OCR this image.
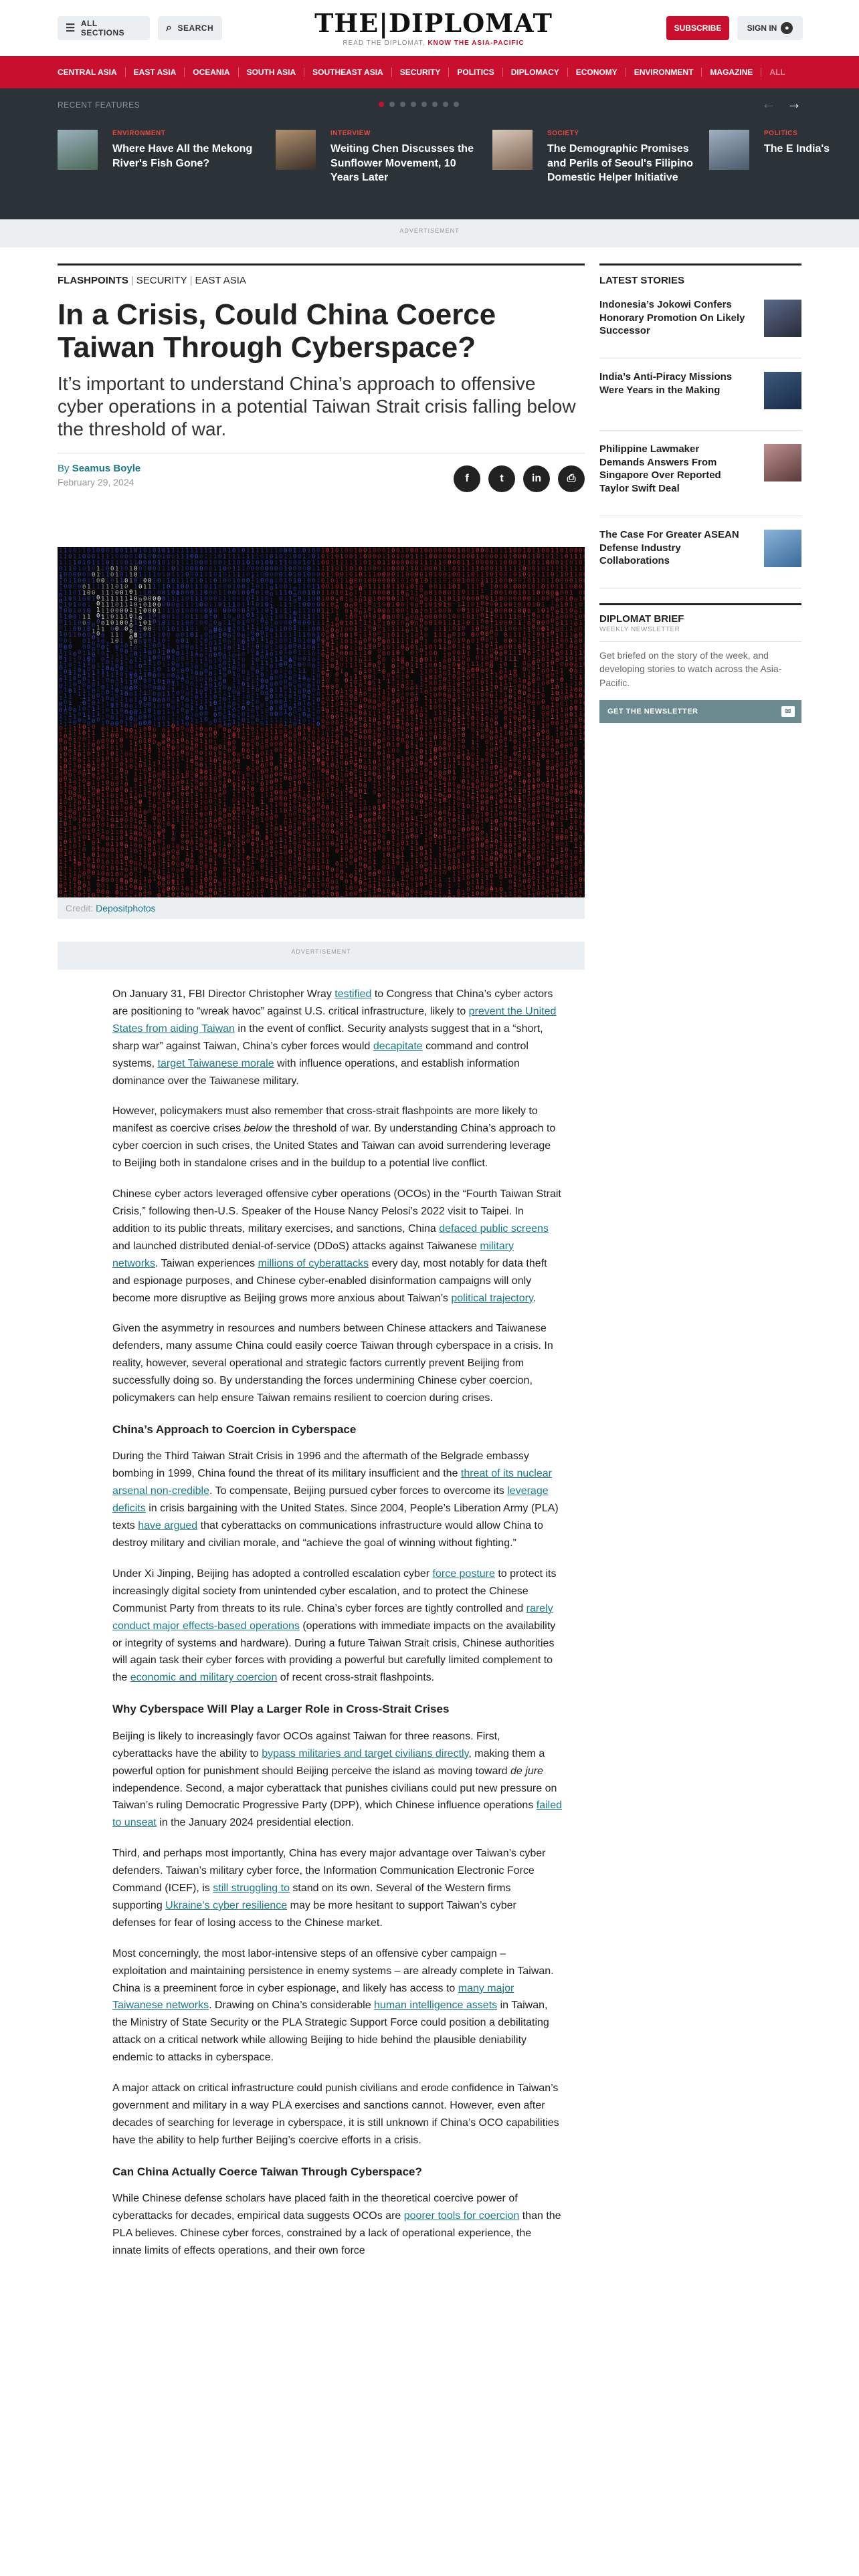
☰ ALL SECTIONS	⌕ SEARCH	THE|DIPLOMAT
READ THE DIPLOMAT, KNOW THE ASIA-PACIFIC
SUBSCRIBE	SIGN IN	●
CENTRAL ASIA	EAST ASIA	OCEANIA	SOUTH ASIA	SOUTHEAST ASIA	SECURITY	POLITICS	DIPLOMACY	ECONOMY	ENVIRONMENT	MAGAZINE	ALL
RECENT FEATURES	← →
ENVIRONMENT
Where Have All the Mekong River's Fish Gone?
INTERVIEW
Weiting Chen Discusses the Sunflower Movement, 10 Years Later
SOCIETY
The Demographic Promises and Perils of Seoul's Filipino Domestic Helper Initiative
POLITICS
The E India's
ADVERTISEMENT
FLASHPOINTS | SECURITY | EAST ASIA
In a Crisis, Could China Coerce Taiwan Through Cyberspace?
It’s important to understand China’s approach to offensive cyber operations in a potential Taiwan Strait crisis falling below the threshold of war.
By Seamus Boyle
February 29, 2024	f	t	in	⎙
1
1
1
0
1
1
1
1
0
0
0
1
1
0
0
1
0
0
1
0
1
0
1
0
0
0
1
0
0
1
1
0
1
0
1
0
1
1
1
0
0
1
0
1
1
0
0
1
1
1
0
1
0
0
1
0
1
1
0
0
1
1
1
1
0
0
0
1
1
1
0
1
1
1
0
0
0
0
1
1
1
0
1
1
1
1
0
1
0
1
1
1
0
0
0
0
0
0
0
0
1
1
1
0
1
1
1
0
1
1
0
1
1
1
1
1
1
0
1
0
0
0
1
1
0
1
0
1
0
0
0
0
1
1
1
1
0
1
1
0
1
1
1
1
0
1
1
0
1
1
1
1
0
1
0
1
1
1
0
1
0
0
0
1
0
0
1
1
1
1
1
0
1
1
1
1
1
1
0
1
1
0
0
1
0
0
0
1
1
0
1
0
1
0
1
1
1
0
0
1
0
1
0
1
1
1
1
1
0
1
0
1
0
0
0
1
1
0
0
0
0
1
0
1
1
1
1
1
0
1
1
1
1
0
1
0
0
0
1
1
0
0
1
0
0
0
0
0
1
0
0
0
1
1
1
0
0
1
1
0
1
1
0
0
0
0
1
1
1
0
0
0
1
1
1
0
1
1
1
1
0
0
1
0
0
0
0
1
0
1
0
0
0
0
0
1
0
0
1
1
0
1
0
0
0
1
1
1
1
1
0
0
1
1
0
0
1
0
0
0
0
1
1
1
1
1
0
0
1
1
0
1
0
1
0
0
0
0
1
0
1
1
1
0
1
0
1
0
0
0
1
0
1
1
0
0
1
0
1
0
0
0
1
0
1
0
1
0
1
1
0
1
1
1
1
1
1
0
1
1
1
1
0
1
0
1
1
0
1
1
1
1
1
0
0
1
1
0
0
0
0
1
0
1
1
0
1
0
0
1
1
0
1
0
1
0
0
0
0
0
0
1
1
0
0
0
0
1
1
0
0
1
1
0
1
1
1
0
0
1
1
0
0
1
0
0
1
0
0
1
0
0
0
1
0
0
0
0
1
1
1
1
0
1
0
0
1
0
0
1
0
1
0
1
1
1
1
1
1
0
1
1
1
0
0
0
1
0
1
1
0
1
0
0
0
1
0
0
1
1
0
1
1
1
1
0
0
1
1
0
0
1
0
1
1
1
1
0
1
1
1
1
1
1
1
0
1
0
0
0
0
0
1
1
1
1
0
0
1
1
1
1
1
0
1
0
0
1
1
0
0
0
1
1
1
1
1
0
0
0
1
0
0
0
1
0
0
0
0
0
0
1
0
0
1
1
1
1
1
1
1
1
1
1
1
1
0
0
1
0
1
0
0
1
0
0
0
1
1
0
1
1
0
1
1
1
0
0
1
1
1
1
1
1
0
0
0
0
0
0
1
0
0
1
0
1
1
1
0
0
0
1
1
1
1
0
0
0
0
1
1
1
1
0
1
0
1
1
0
0
1
1
0
0
1
0
0
0
0
1
1
1
1
0
0
0
0
0
1
0
0
1
1
1
0
1
1
0
1
0
0
0
1
1
1
1
0
0
1
0
0
1
1
0
1
0
0
1
1
0
0
1
1
0
0
0
1
1
1
1
0
1
0
1
1
1
0
1
1
0
0
0
1
1
0
1
1
1
1
1
1
1
1
0
1
0
1
1
0
0
0
0
1
0
1
1
0
1
1
0
1
0
1
1
1
1
0
1
1
0
0
1
1
1
1
1
0
0
0
1
1
0
0
1
1
0
0
1
1
0
1
0
1
1
0
1
0
0
0
0
0
1
1
0
0
0
0
0
1
0
0
0
1
0
0
1
1
1
0
1
0
0
0
0
1
1
1
1
1
0
0
1
0
0
1
1
0
1
0
1
1
0
1
0
0
1
0
0
1
0
0
1
1
1
0
1
0
1
0
0
0
1
1
1
0
1
1
1
1
0
1
1
1
0
1
0
0
0
1
1
0
0
0
0
1
1
0
0
0
0
0
0
1
0
0
1
1
0
0
0
1
1
1
0
0
0
1
1
0
1
1
1
0
1
0
0
0
0
0
1
1
0
0
0
1
1
0
0
1
1
1
1
0
0
0
0
0
1
1
1
0
0
0
1
1
1
0
0
0
0
1
0
1
0
1
1
1
1
0
1
1
0
1
0
0
1
0
0
0
0
0
1
0
0
1
0
0
1
1
0
0
0
1
1
0
1
0
1
1
0
1
1
1
0
1
1
1
0
1
0
1
1
1
0
1
1
0
0
1
1
0
1
1
1
0
1
1
1
1
0
0
1
1
0
0
0
0
0
0
1
1
0
1
1
1
0
0
0
1
0
1
1
0
1
1
0
0
0
1
0
0
0
0
1
1
0
1
1
1
0
0
1
0
0
1
0
0
0
1
1
1
1
1
1
0
1
0
1
1
0
1
1
0
0
1
1
1
1
0
1
1
1
1
0
0
0
1
0
1
0
0
1
0
1
1
0
1
0
1
0
1
1
1
0
0
0
1
1
0
0
0
0
0
1
0
1
0
1
1
0
1
0
1
0
1
1
0
0
0
0
0
0
1
0
0
1
0
1
0
0
0
0
0
1
1
1
1
0
0
0
0
0
1
1
1
0
0
0
1
1
0
1
0
0
0
1
1
1
1
0
0
0
1
1
0
1
0
0
1
0
1
0
1
1
1
0
1
0
1
1
0
1
1
0
1
1
0
0
1
0
0
0
0
1
1
1
1
1
1
0
1
0
0
0
0
0
0
0
0
0
0
0
0
1
0
1
1
1
1
0
0
0
0
1
0
0
0
0
0
0
1
0
1
1
1
1
1
0
0
1
0
0
1
0
1
1
1
1
0
0
0
1
0
0
0
0
0
1
1
0
1
1
1
0
1
0
1
1
0
1
0
0
0
0
0
1
0
0
0
1
0
1
0
1
0
1
1
0
1
1
0
0
1
1
1
0
0
0
1
1
0
1
1
0
1
0
1
1
0
1
0
1
1
0
1
1
0
0
1
1
0
0
1
1
0
0
1
1
1
1
1
0
0
1
0
1
1
1
1
1
0
1
0
1
1
0
0
0
1
1
1
0
0
0
1
1
0
0
0
1
0
1
0
1
0
1
1
1
0
0
1
0
0
0
0
1
1
1
0
0
1
1
0
1
1
0
0
0
1
1
1
1
0
1
1
0
0
1
1
0
1
1
0
1
0
0
0
0
1
0
1
0
0
1
1
1
1
1
1
1
1
0
1
0
0
0
1
1
0
0
1
0
0
0
1
0
1
0
1
1
1
1
1
0
1
1
0
1
1
0
1
0
0
1
1
1
0
1
1
0
0
0
0
0
1
1
0
1
1
1
1
1
1
1
0
0
1
1
1
1
1
1
0
0
0
1
0
1
0
1
0
1
0
0
1
0
1
1
0
1
0
0
0
1
1
0
1
0
1
1
0
1
1
1
0
0
0
0
0
1
0
1
0
1
1
1
0
0
1
0
0
0
1
0
0
0
1
1
1
0
1
1
0
0
1
0
1
0
0
0
0
0
0
0
1
0
0
0
1
1
0
0
1
0
0
1
0
1
0
1
1
0
0
1
1
0
0
0
0
1
0
1
0
0
0
1
0
1
1
0
1
0
0
0
0
1
1
1
1
0
0
1
1
1
1
1
1
1
0
1
1
0
1
0
1
1
1
1
1
1
1
1
1
0
0
0
1
0
1
1
0
0
0
1
1
1
0
1
0
0
0
0
1
1
1
1
1
0
1
1
1
1
1
1
1
0
1
0
0
1
1
1
0
1
1
0
1
1
1
1
0
0
0
0
0
0
0
0
0
1
1
0
1
1
0
1
1
1
1
1
1
1
1
0
1
0
0
0
1
0
1
1
1
0
0
1
0
1
1
1
0
1
1
0
0
1
0
1
1
0
0
1
1
0
0
1
1
0
0
0
1
0
0
0
0
1
1
1
0
1
0
0
1
0
0
0
0
0
1
1
1
0
0
1
1
0
0
1
1
0
0
0
0
0
0
0
0
0
0
1
1
1
0
0
1
1
0
1
1
1
0
0
0
1
1
1
1
1
1
0
0
0
1
1
0
0
0
1
1
0
0
0
1
1
1
0
0
1
0
1
1
1
1
1
0
1
1
1
0
0
1
0
1
1
0
0
0
0
1
0
0
0
0
0
0
1
1
1
0
0
0
0
0
0
1
1
1
1
1
1
1
0
1
0
1
0
0
1
0
0
1
0
1
0
0
0
0
0
1
1
0
1
0
0
1
0
0
1
0
0
0
0
0
0
1
0
0
1
1
1
1
1
1
0
0
1
0
0
1
0
0
1
0
1
0
1
1
0
1
0
1
1
1
1
0
0
1
0
1
0
0
1
1
0
1
0
1
0
1
0
0
1
1
1
0
1
1
0
0
0
1
1
1
0
0
0
1
0
0
1
1
1
0
0
1
0
0
0
0
1
0
0
0
1
0
1
1
0
0
0
1
1
1
1
0
0
1
0
0
1
1
0
0
0
0
1
1
1
0
1
1
1
0
0
1
1
0
0
0
0
0
0
1
0
1
1
0
1
0
1
1
1
1
1
0
0
0
1
0
0
1
1
0
0
0
0
1
1
0
0
1
0
0
0
1
1
1
1
1
0
1
0
0
0
1
1
0
0
1
0
1
0
0
0
1
1
1
0
0
1
1
0
1
1
0
0
1
0
0
0
1
0
0
1
0
1
0
0
0
0
1
0
1
1
1
1
1
1
1
1
0
1
1
1
1
1
1
0
0
1
0
0
1
1
1
1
1
0
1
0
1
1
1
0
1
0
0
0
1
0
0
0
0
0
0
0
0
0
1
0
1
1
0
1
0
0
1
1
1
0
1
1
0
1
1
1
0
0
1
1
1
0
1
1
0
0
1
0
0
0
0
0
0
0
0
1
1
1
1
0
0
1
0
0
1
1
1
1
1
0
1
0
0
1
0
1
1
1
1
1
0
1
1
1
0
1
1
1
1
1
0
0
1
1
0
0
0
1
1
1
1
0
0
0
1
1
0
1
1
1
0
0
1
0
0
0
0
1
0
1
1
1
0
0
0
1
1
0
0
0
1
1
0
0
1
0
1
0
1
1
1
0
0
1
1
1
1
1
0
0
1
1
1
1
0
0
0
0
1
0
0
1
1
0
0
1
1
1
1
1
1
0
1
1
0
0
1
1
1
1
1
1
0
0
0
0
0
1
1
1
1
1
0
1
1
1
0
0
0
1
0
1
0
1
0
1
1
1
0
1
1
1
0
1
1
0
1
0
1
0
0
1
0
1
1
0
1
1
1
1
1
1
0
0
0
0
1
0
1
1
1
1
0
1
0
0
0
0
1
0
1
1
0
0
1
0
1
1
1
0
0
1
1
0
1
1
0
0
1
1
0
0
1
0
1
1
1
1
0
1
0
1
0
0
1
0
1
1
0
1
0
0
1
0
1
1
0
0
1
0
0
0
1
1
0
0
1
0
0
0
1
0
1
0
1
1
1
1
0
1
0
0
0
1
1
1
1
1
1
0
1
0
1
1
1
0
1
0
0
0
0
0
0
1
1
0
0
1
1
0
0
1
0
0
1
0
0
1
1
1
0
1
1
1
1
0
0
1
0
1
0
1
1
1
0
0
0
0
1
0
0
0
0
0
0
0
1
1
0
1
0
1
1
1
0
1
0
0
1
0
1
1
1
0
0
0
1
1
0
0
0
1
1
1
1
1
0
1
1
1
0
0
1
0
1
1
1
0
1
1
0
0
0
0
0
0
0
0
1
1
1
1
1
0
1
0
1
0
1
0
1
0
0
0
0
0
0
0
1
1
1
1
0
1
0
0
1
0
0
0
1
0
1
1
0
1
1
1
0
0
1
1
1
1
0
1
1
1
1
1
0
0
1
1
1
1
1
0
1
1
1
1
1
1
1
1
0
0
0
1
1
0
1
0
1
1
1
0
0
0
0
0
0
1
0
0
1
1
0
1
0
0
1
1
0
1
1
1
1
0
1
1
0
0
1
0
0
0
0
1
0
1
1
0
0
1
1
0
0
0
1
0
1
0
0
1
0
0
0
0
1
0
0
1
0
0
1
1
1
0
1
1
0
0
0
1
1
0
1
1
1
0
0
1
0
0
1
1
0
1
1
1
1
1
0
1
1
1
1
1
0
0
1
0
1
1
0
0
1
1
0
0
1
1
0
1
1
1
1
0
0
1
1
1
0
1
0
0
0
0
0
1
0
1
1
1
1
0
0
1
1
1
1
0
1
0
0
1
0
0
0
0
1
0
1
1
1
1
0
0
1
1
0
0
1
0
0
0
0
0
1
0
1
0
0
1
0
0
0
0
0
0
0
1
1
0
1
0
1
1
1
0
1
0
1
0
1
1
0
0
1
0
1
1
0
0
1
0
0
0
1
1
0
0
0
1
0
1
0
1
1
1
0
0
0
1
1
0
0
1
1
1
1
0
1
0
1
0
1
1
0
1
1
0
0
1
0
0
0
0
0
0
1
0
1
0
1
1
1
0
0
1
1
0
1
0
0
0
0
0
1
0
0
1
1
1
0
1
1
0
0
1
0
0
1
1
1
0
0
1
0
0
1
1
0
0
0
1
1
0
1
1
0
0
0
1
1
0
1
0
1
0
0
1
1
0
1
0
0
1
1
1
1
1
0
1
1
0
1
1
1
0
1
0
1
1
0
1
1
1
1
1
0
0
1
1
0
0
0
0
1
1
0
0
1
1
0
1
1
1
0
0
0
1
1
0
0
0
1
0
1
0
0
1
1
0
1
1
0
1
0
0
1
1
0
0
0
0
0
1
1
0
1
1
0
1
0
0
0
1
1
0
0
0
0
1
0
1
0
1
0
1
1
0
1
1
0
1
0
1
0
1
0
1
0
0
0
1
1
1
0
0
0
0
1
1
1
0
0
0
1
1
0
0
1
1
0
0
0
0
1
1
0
0
0
0
0
0
0
0
1
1
1
0
1
1
1
1
1
1
0
0
1
1
0
0
1
0
0
1
1
1
0
0
0
1
0
1
1
1
1
0
1
1
0
0
1
1
0
0
1
1
1
0
1
1
0
0
0
0
1
1
0
1
0
1
1
1
1
1
0
0
1
0
0
1
0
0
0
1
1
0
0
0
0
1
0
1
1
0
1
0
0
0
0
0
1
1
1
0
0
1
1
1
0
1
1
1
1
0
0
1
0
0
0
1
1
0
1
1
1
1
0
0
1
1
0
1
1
0
1
1
1
1
0
1
1
0
0
1
0
0
0
1
0
0
0
1
1
1
0
1
0
1
0
0
0
1
1
0
1
1
0
1
1
0
0
0
1
0
1
1
1
0
1
0
1
1
1
1
0
0
0
1
0
1
0
1
1
0
0
0
1
0
1
0
0
0
0
1
0
1
1
0
1
0
0
0
0
1
1
0
0
0
0
0
0
0
1
0
1
0
1
0
0
1
1
1
1
1
1
0
1
0
0
0
1
1
0
0
1
1
0
0
0
0
1
1
1
1
0
0
1
1
1
0
0
1
0
1
0
0
1
0
1
1
0
1
0
0
1
0
0
1
0
0
0
0
0
1
0
0
1
0
1
1
0
1
0
0
0
1
1
1
1
0
1
0
0
0
0
0
0
0
1
0
0
1
0
0
0
1
1
1
0
1
0
1
0
0
1
1
0
0
1
0
1
0
0
0
0
0
1
0
0
0
1
1
1
1
0
1
1
0
0
0
1
0
1
0
0
0
0
1
1
0
1
0
1
1
0
1
1
1
1
0
0
1
1
0
1
1
1
1
1
0
0
0
1
1
1
1
0
0
0
0
0
1
1
1
1
1
1
1
1
0
0
1
1
0
0
0
0
0
1
1
0
0
0
1
1
0
0
1
1
1
0
0
0
1
0
1
0
1
1
1
1
1
1
1
1
1
1
0
0
1
0
1
1
0
1
1
0
0
1
0
0
0
0
0
0
0
0
1
0
0
0
1
1
1
0
1
1
1
1
0
0
1
1
1
0
0
0
1
1
1
1
0
1
0
0
1
0
0
0
1
0
0
0
1
0
1
0
0
0
0
1
0
0
1
1
1
1
1
0
0
1
1
0
0
0
1
1
0
1
1
1
1
1
0
1
0
1
0
0
0
0
1
0
1
0
0
1
0
1
0
0
1
1
1
0
0
1
1
0
0
1
0
1
0
0
0
1
1
0
0
0
0
0
1
1
0
0
0
1
0
1
0
1
0
1
1
1
1
0
0
1
0
1
0
1
0
1
0
1
0
0
0
1
1
0
1
0
1
0
0
1
1
0
0
1
1
1
1
0
1
1
1
0
1
0
0
0
0
1
0
1
0
0
0
0
1
1
1
0
1
1
1
1
0
1
1
1
0
1
1
1
1
1
0
1
1
0
0
0
1
0
1
0
0
0
1
0
0
1
0
1
1
0
1
1
0
0
0
0
0
1
0
1
0
0
0
1
1
0
0
1
1
0
1
0
1
0
1
1
0
0
0
1
1
0
1
0
0
1
0
1
0
0
0
0
0
0
1
0
0
1
1
1
0
0
1
1
1
1
1
0
0
1
0
0
0
0
0
0
1
1
0
0
0
1
0
1
0
0
1
0
1
0
1
0
1
1
1
0
1
0
0
0
0
0
1
1
1
0
0
0
0
1
0
1
1
1
0
1
1
0
0
0
1
1
0
0
0
0
1
1
1
0
0
1
1
1
0
1
1
1
0
0
0
0
0
0
1
0
0
1
0
1
0
0
0
0
0
0
0
0
1
1
1
1
1
0
1
1
0
0
0
0
0
0
1
0
1
0
1
0
0
0
1
1
0
1
1
0
0
0
0
1
1
0
0
0
1
1
1
0
0
1
0
0
0
0
0
0
1
1
1
0
1
0
0
1
0
1
1
0
0
0
1
1
1
1
0
1
1
1
1
1
1
1
1
0
0
0
1
0
0
0
0
0
1
0
1
0
0
0
0
0
1
1
1
1
0
0
0
0
0
0
0
0
0
0
0
1
1
0
0
0
0
1
1
1
0
1
1
0
0
1
1
0
0
1
0
0
0
1
1
1
1
1
1
1
1
1
1
0
0
0
1
1
0
1
1
0
0
0
0
0
0
0
1
1
0
1
1
0
0
1
0
1
1
1
1
0
0
0
1
1
0
1
0
1
1
1
0
1
1
1
0
1
1
1
1
0
0
0
0
0
0
1
0
0
0
1
1
1
1
1
0
1
0
0
1
0
0
1
0
0
1
1
1
1
1
0
0
0
1
1
1
1
1
0
1
1
1
0
1
1
0
0
1
1
1
0
0
1
0
0
0
0
1
1
1
1
1
0
0
0
1
1
0
1
1
0
1
0
0
1
1
0
1
0
0
0
1
0
0
0
1
0
0
1
0
1
1
1
0
1
0
0
0
1
1
0
1
0
1
0
1
1
0
1
0
1
1
1
1
0
1
1
0
0
1
1
0
1
1
0
0
1
1
1
0
1
0
1
0
0
0
0
1
0
1
1
1
0
1
1
1
0
0
0
1
1
0
0
1
0
1
0
0
1
1
1
1
0
0
0
0
0
0
0
1
0
1
1
0
0
0
1
0
0
1
1
0
1
1
0
0
1
0
0
0
1
0
1
0
0
0
1
0
0
1
0
0
1
1
1
0
0
1
1
1
1
0
0
0
0
0
1
0
1
1
1
1
1
0
1
0
1
0
1
1
1
0
1
1
1
0
0
0
1
1
1
1
1
1
1
0
1
0
0
1
0
0
0
0
1
1
1
0
0
0
0
0
1
0
0
1
1
1
1
1
1
0
1
0
1
1
0
0
1
1
0
1
0
1
0
1
1
0
1
0
1
0
1
0
1
1
1
1
1
0
0
1
1
1
1
1
1
0
1
0
0
0
0
1
1
0
0
1
0
1
0
1
0
1
1
1
1
1
1
0
1
0
1
0
0
0
0
0
1
0
1
0
1
0
0
1
1
1
1
1
0
0
1
0
1
0
0
1
1
0
1
1
0
1
0
0
0
1
0
0
0
0
0
1
1
1
0
1
1
1
1
1
0
1
1
1
1
1
1
1
1
1
1
1
0
0
1
0
1
0
0
1
1
0
0
1
1
1
0
1
0
0
0
1
1
0
0
0
1
0
0
1
0
0
1
0
1
0
0
0
0
1
0
0
0
0
1
1
1
1
1
0
0
1
0
1
1
0
0
0
0
0
1
1
0
0
0
0
1
0
0
1
1
1
1
1
0
0
1
0
0
0
1
0
1
1
0
1
1
1
1
0
1
1
1
1
0
1
0
1
0
1
1
0
0
0
1
0
1
0
1
1
0
1
0
0
0
0
1
0
1
1
1
0
1
0
1
0
0
0
1
1
1
0
1
1
1
1
0
0
1
1
0
1
1
0
1
0
0
0
0
1
1
0
1
1
1
0
1
0
0
0
0
1
0
1
1
1
1
0
1
1
0
0
0
1
1
0
1
1
0
0
0
1
0
1
1
1
1
1
1
1
0
1
0
0
0
1
0
0
1
0
1
1
0
0
1
1
1
1
1
1
1
0
0
0
0
0
0
0
0
1
0
1
0
1
0
0
0
0
1
1
0
0
1
1
0
0
1
0
1
0
0
1
1
1
0
1
1
0
0
0
0
1
1
1
1
0
0
0
0
1
1
1
0
0
0
0
0
1
1
1
1
0
0
1
1
1
0
1
1
0
0
1
0
1
0
0
1
0
0
0
1
1
0
1
1
0
1
1
0
0
1
0
1
1
1
0
0
0
0
0
0
0
1
1
0
1
0
0
0
0
0
1
0
1
0
1
1
1
0
1
1
0
0
0
0
1
1
0
1
1
1
0
1
1
1
1
1
1
0
0
0
0
1
0
1
1
0
1
1
1
1
0
1
0
0
1
1
1
1
0
0
1
1
1
1
1
0
1
0
1
0
0
0
0
1
1
0
1
1
1
1
1
1
1
0
1
0
0
0
0
1
1
1
1
1
1
0
0
1
0
1
1
1
0
0
0
0
1
1
1
1
0
0
1
0
1
1
0
0
0
1
1
0
0
0
1
1
1
1
1
1
1
1
1
0
0
0
0
1
1
1
1
1
0
0
1
0
1
1
1
1
0
1
1
1
0
1
1
1
1
1
0
0
1
1
1
0
1
1
0
1
1
0
0
0
0
1
0
1
0
0
0
0
0
1
1
0
1
1
1
0
0
1
0
1
0
1
1
0
1
1
0
0
1
0
1
1
0
0
0
0
0
1
1
0
1
1
0
0
1
1
0
0
1
1
1
1
0
0
1
0
0
0
1
1
0
1
1
0
0
0
1
1
0
0
1
0
1
0
0
1
1
0
1
1
0
0
0
0
0
0
0
0
1
1
0
1
1
1
0
1
0
1
1
0
1
1
0
1
0
1
1
0
0
1
1
1
0
1
0
1
1
1
1
1
0
0
1
1
1
1
1
1
1
1
1
0
1
0
0
1
1
1
1
0
0
0
0
0
1
1
1
1
1
0
1
0
0
0
0
0
0
1
1
0
1
0
0
0
0
0
0
0
0
1
1
1
1
1
0
1
0
1
0
0
1
1
1
0
0
0
0
1
0
1
0
0
0
0
0
1
1
1
0
0
0
0
0
1
1
0
1
1
0
0
0
0
0
0
1
1
0
0
1
1
0
0
0
0
0
1
0
0
0
1
1
1
1
0
0
1
0
0
1
0
0
0
1
0
0
1
1
0
0
0
1
0
1
0
0
1
0
0
1
0
0
0
1
1
0
0
1
0
0
0
0
1
1
1
1
0
1
1
1
1
0
0
1
0
0
0
0
1
1
1
1
0
1
1
1
0
1
0
0
0
0
0
1
0
1
0
0
0
0
1
1
1
1
1
1
1
0
1
0
0
1
0
1
1
0
1
0
0
1
1
1
1
0
0
1
0
0
0
1
1
0
1
1
0
0
1
1
0
1
1
1
0
0
0
1
1
0
1
0
1
1
0
0
1
0
0
1
1
1
0
0
1
0
0
0
1
0
0
1
1
1
1
1
1
1
1
0
0
0
0
0
1
0
1
0
1
0
0
1
1
0
0
1
1
1
0
0
1
1
0
0
1
1
1
0
0
0
0
0
0
0
0
1
0
1
1
1
0
0
1
1
0
0
1
0
1
1
0
0
1
0
0
0
1
0
0
0
1
0
1
0
0
0
0
1
0
1
0
1
0
1
0
0
0
0
0
0
1
0
1
0
0
0
0
0
0
1
1
1
0
0
1
0
0
1
1
1
0
0
0
0
1
1
1
1
1
0
1
1
0
1
0
0
0
0
1
0
0
1
0
0
1
1
1
0
1
0
0
0
0
1
1
1
0
1
1
0
1
0
0
0
1
0
0
0
0
1
1
1
1
0
0
1
1
1
0
0
0
1
0
0
0
1
0
0
0
0
0
1
1
1
1
0
1
0
1
1
1
1
0
0
0
1
1
1
1
0
0
1
1
0
0
0
0
0
1
0
0
0
1
1
0
1
0
0
0
1
1
1
1
1
1
0
0
0
1
1
1
1
0
0
1
1
1
0
0
1
0
0
0
0
1
0
1
1
0
1
1
0
0
0
0
0
1
0
1
0
1
1
1
0
0
0
0
1
1
1
1
1
0
1
1
1
1
0
1
0
0
0
1
1
0
1
0
0
1
0
1
0
0
1
0
0
0
1
0
1
1
1
1
0
0
0
1
0
0
1
0
0
0
1
1
0
0
0
0
0
1
0
1
0
1
1
1
0
1
0
0
1
0
0
0
1
0
0
0
0
1
1
1
0
0
1
0
0
1
1
0
1
0
1
1
0
0
1
0
1
0
1
1
1
1
0
1
0
1
1
0
0
0
0
1
1
1
1
0
1
1
1
0
1
1
0
0
0
1
1
0
1
1
1
0
0
1
1
1
1
0
0
1
1
0
0
1
1
1
0
0
0
1
0
1
1
1
0
0
0
1
1
1
1
1
0
0
0
0
1
1
0
0
1
1
0
1
1
1
0
1
0
0
1
1
1
0
1
0
0
0
0
0
0
1
1
1
0
0
0
1
1
0
1
0
1
1
0
1
1
1
1
1
0
1
0
1
0
0
0
0
1
1
1
1
0
1
1
0
1
1
1
0
1
1
0
1
1
1
1
0
0
0
0
0
0
0
0
1
0
1
1
0
0
1
0
0
0
1
1
1
1
0
0
1
1
0
1
0
0
0
0
1
0
1
0
0
0
1
1
0
1
0
0
0
1
0
1
0
0
0
0
1
1
0
1
1
0
0
0
0
1
0
1
0
1
0
1
0
0
0
1
0
1
1
1
1
0
0
0
0
1
1
1
1
0
0
1
0
0
1
1
1
0
1
1
1
0
0
0
0
0
0
0
0
0
0
0
1
0
0
0
1
0
1
0
0
0
0
1
1
0
1
0
1
1
1
1
0
1
1
1
0
1
1
0
1
0
1
0
0
0
1
0
1
0
1
0
1
1
0
1
0
1
0
0
1
1
0
1
0
1
0
1
1
0
0
1
0
1
0
1
1
0
1
1
0
1
0
1
1
1
1
0
0
0
1
0
0
0
1
1
1
0
1
1
0
1
1
0
0
0
0
0
0
0
1
1
0
0
0
1
1
1
1
0
0
0
0
1
1
0
1
1
0
0
0
1
0
1
1
1
1
0
0
0
0
1
1
1
0
0
0
1
1
0
0
1
1
0
1
0
1
1
1
1
0
1
0
0
1
1
0
1
0
1
0
0
0
0
0
1
1
0
1
1
0
0
1
0
1
0
0
1
0
1
0
0
0
0
1
0
0
1
0
1
0
1
1
0
0
0
1
0
0
1
1
0
0
1
1
0
1
1
0
0
1
0
1
0
1
0
1
1
1
0
1
1
1
0
1
1
0
1
0
0
0
1
0
0
0
1
1
1
0
0
0
0
0
1
1
0
1
0
0
1
0
0
0
0
1
1
1
1
0
1
0
1
1
0
0
1
0
1
0
0
1
1
1
1
0
1
0
0
0
1
1
1
1
0
1
0
0
1
0
1
0
0
1
0
0
1
0
1
0
0
1
1
0
1
1
0
1
1
1
1
1
1
1
1
0
0
0
1
1
1
1
1
0
0
1
0
1
0
0
0
0
0
1
1
0
0
1
1
0
1
0
0
1
1
1
0
1
0
1
0
0
0
0
0
1
0
1
0
1
0
0
1
0
1
0
0
1
0
0
0
1
0
1
0
1
0
1
0
1
0
0
0
0
1
0
1
0
1
0
0
0
1
1
0
1
1
1
1
0
0
0
1
1
1
0
1
1
1
1
1
1
1
0
0
1
0
1
0
1
1
0
1
1
1
0
1
0
0
1
0
Credit: Depositphotos
ADVERTISEMENT

On January 31, FBI Director Christopher Wray testified to Congress that China’s cyber actors are positioning to “wreak havoc” against U.S. critical infrastructure, likely to prevent the United States from aiding Taiwan in the event of conflict. Security analysts suggest that in a “short, sharp war” against Taiwan, China’s cyber forces would decapitate command and control systems, target Taiwanese morale with influence operations, and establish information dominance over the Taiwanese military.

However, policymakers must also remember that cross-strait flashpoints are more likely to manifest as coercive crises below the threshold of war. By understanding China’s approach to cyber coercion in such crises, the United States and Taiwan can avoid surrendering leverage to Beijing both in standalone crises and in the buildup to a potential live conflict.

Chinese cyber actors leveraged offensive cyber operations (OCOs) in the “Fourth Taiwan Strait Crisis,” following then-U.S. Speaker of the House Nancy Pelosi’s 2022 visit to Taipei. In addition to its public threats, military exercises, and sanctions, China defaced public screens and launched distributed denial-of-service (DDoS) attacks against Taiwanese military networks. Taiwan experiences millions of cyberattacks every day, most notably for data theft and espionage purposes, and Chinese cyber-enabled disinformation campaigns will only become more disruptive as Beijing grows more anxious about Taiwan’s political trajectory.

Given the asymmetry in resources and numbers between Chinese attackers and Taiwanese defenders, many assume China could easily coerce Taiwan through cyberspace in a crisis. In reality, however, several operational and strategic factors currently prevent Beijing from successfully doing so. By understanding the forces undermining Chinese cyber coercion, policymakers can help ensure Taiwan remains resilient to coercion during crises.

China’s Approach to Coercion in Cyberspace

During the Third Taiwan Strait Crisis in 1996 and the aftermath of the Belgrade embassy bombing in 1999, China found the threat of its military insufficient and the threat of its nuclear arsenal non-credible. To compensate, Beijing pursued cyber forces to overcome its leverage deficits in crisis bargaining with the United States. Since 2004, People’s Liberation Army (PLA) texts have argued that cyberattacks on communications infrastructure would allow China to destroy military and civilian morale, and “achieve the goal of winning without fighting.”

Under Xi Jinping, Beijing has adopted a controlled escalation cyber force posture to protect its increasingly digital society from unintended cyber escalation, and to protect the Chinese Communist Party from threats to its rule. China’s cyber forces are tightly controlled and rarely conduct major effects-based operations (operations with immediate impacts on the availability or integrity of systems and hardware). During a future Taiwan Strait crisis, Chinese authorities will again task their cyber forces with providing a powerful but carefully limited complement to the economic and military coercion of recent cross-strait flashpoints.

Why Cyberspace Will Play a Larger Role in Cross-Strait Crises

Beijing is likely to increasingly favor OCOs against Taiwan for three reasons. First, cyberattacks have the ability to bypass militaries and target civilians directly, making them a powerful option for punishment should Beijing perceive the island as moving toward de jure independence. Second, a major cyberattack that punishes civilians could put new pressure on Taiwan’s ruling Democratic Progressive Party (DPP), which Chinese influence operations failed to unseat in the January 2024 presidential election.

Third, and perhaps most importantly, China has every major advantage over Taiwan’s cyber defenders. Taiwan’s military cyber force, the Information Communication Electronic Force Command (ICEF), is still struggling to stand on its own. Several of the Western firms supporting Ukraine’s cyber resilience may be more hesitant to support Taiwan’s cyber defenses for fear of losing access to the Chinese market.

Most concerningly, the most labor-intensive steps of an offensive cyber campaign – exploitation and maintaining persistence in enemy systems – are already complete in Taiwan. China is a preeminent force in cyber espionage, and likely has access to many major Taiwanese networks. Drawing on China’s considerable human intelligence assets in Taiwan, the Ministry of State Security or the PLA Strategic Support Force could position a debilitating attack on a critical network while allowing Beijing to hide behind the plausible deniability endemic to attacks in cyberspace.

A major attack on critical infrastructure could punish civilians and erode confidence in Taiwan’s government and military in a way PLA exercises and sanctions cannot. However, even after decades of searching for leverage in cyberspace, it is still unknown if China’s OCO capabilities have the ability to help further Beijing’s coercive efforts in a crisis.

Can China Actually Coerce Taiwan Through Cyberspace?

While Chinese defense scholars have placed faith in the theoretical coercive power of cyberattacks for decades, empirical data suggests OCOs are poorer tools for coercion than the PLA believes. Chinese cyber forces, constrained by a lack of operational experience, the innate limits of effects operations, and their own force

LATEST STORIES
Indonesia’s Jokowi Confers Honorary Promotion On Likely Successor
India’s Anti-Piracy Missions Were Years in the Making
Philippine Lawmaker Demands Answers From Singapore Over Reported Taylor Swift Deal
The Case For Greater ASEAN Defense Industry Collaborations
DIPLOMAT BRIEF
WEEKLY NEWSLETTER
Get briefed on the story of the week, and developing stories to watch across the Asia-Pacific.
GET THE NEWSLETTER	✉
